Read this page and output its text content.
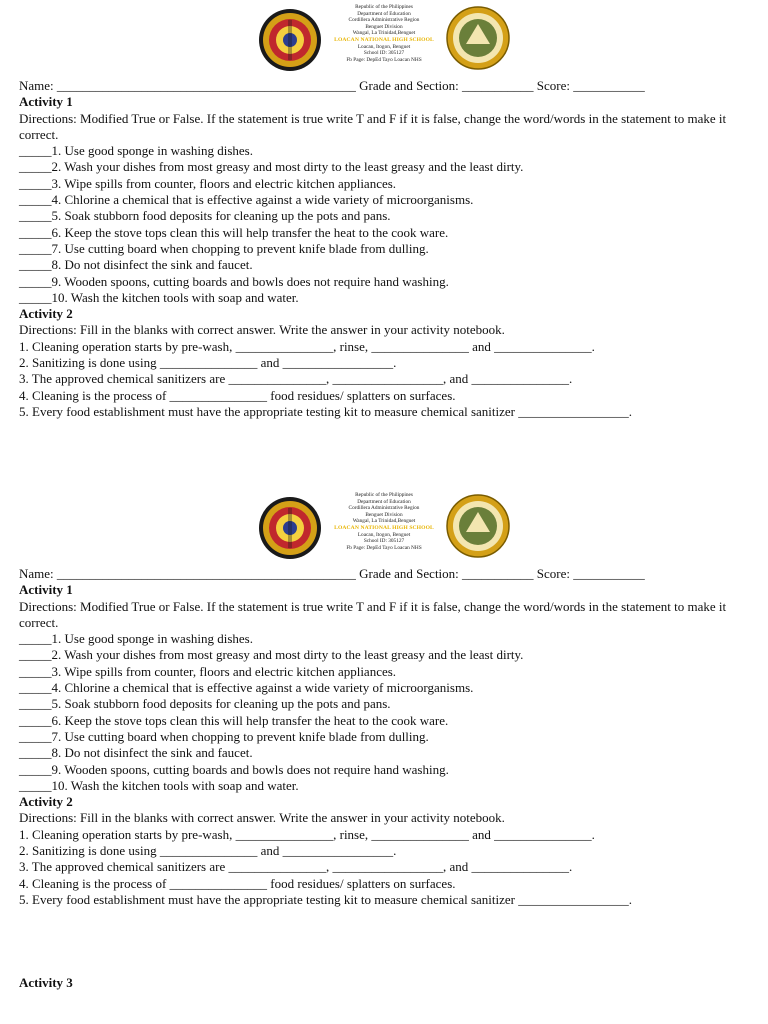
Republic of the Philippines
Department of Education
Cordillera Administrative Region
Benguet Division
Wangal, La Trinidad,Benguet
LOACAN NATIONAL HIGH SCHOOL
Loacan, Itogon, Benguet
School ID: 305127
Fb Page: DepEd Tayo Loacan NHS
Name: ______________________________________________ Grade and Section: ___________ Score: ___________
Activity 1
Directions: Modified True or False. If the statement is true write T and F if it is false, change the word/words in the statement to make it correct.
_____1. Use good sponge in washing dishes.
_____2. Wash your dishes from most greasy and most dirty to the least greasy and the least dirty.
_____3. Wipe spills from counter, floors and electric kitchen appliances.
_____4. Chlorine a chemical that is effective against a wide variety of microorganisms.
_____5. Soak stubborn food deposits for cleaning up the pots and pans.
_____6. Keep the stove tops clean this will help transfer the heat to the cook ware.
_____7. Use cutting board when chopping to prevent knife blade from dulling.
_____8. Do not disinfect the sink and faucet.
_____9. Wooden spoons, cutting boards and bowls does not require hand washing.
_____10. Wash the kitchen tools with soap and water.
Activity 2
Directions: Fill in the blanks with correct answer. Write the answer in your activity notebook.
1. Cleaning operation starts by pre-wash, _______________, rinse, _______________ and _______________.
2. Sanitizing is done using _______________ and _________________.
3. The approved chemical sanitizers are _______________, _________________, and _______________.
4. Cleaning is the process of _______________ food residues/ splatters on surfaces.
5. Every food establishment must have the appropriate testing kit to measure chemical sanitizer _________________.
Republic of the Philippines
Department of Education
Cordillera Administrative Region
Benguet Division
Wangal, La Trinidad,Benguet
LOACAN NATIONAL HIGH SCHOOL
Loacan, Itogon, Benguet
School ID: 305127
Fb Page: DepEd Tayo Loacan NHS
Name: ______________________________________________ Grade and Section: ___________ Score: ___________
Activity 1
Directions: Modified True or False. If the statement is true write T and F if it is false, change the word/words in the statement to make it correct.
_____1. Use good sponge in washing dishes.
_____2. Wash your dishes from most greasy and most dirty to the least greasy and the least dirty.
_____3. Wipe spills from counter, floors and electric kitchen appliances.
_____4. Chlorine a chemical that is effective against a wide variety of microorganisms.
_____5. Soak stubborn food deposits for cleaning up the pots and pans.
_____6. Keep the stove tops clean this will help transfer the heat to the cook ware.
_____7. Use cutting board when chopping to prevent knife blade from dulling.
_____8. Do not disinfect the sink and faucet.
_____9. Wooden spoons, cutting boards and bowls does not require hand washing.
_____10. Wash the kitchen tools with soap and water.
Activity 2
Directions: Fill in the blanks with correct answer. Write the answer in your activity notebook.
1. Cleaning operation starts by pre-wash, _______________, rinse, _______________ and _______________.
2. Sanitizing is done using _______________ and _________________.
3. The approved chemical sanitizers are _______________, _________________, and _______________.
4. Cleaning is the process of _______________ food residues/ splatters on surfaces.
5. Every food establishment must have the appropriate testing kit to measure chemical sanitizer _________________.
Activity 3
